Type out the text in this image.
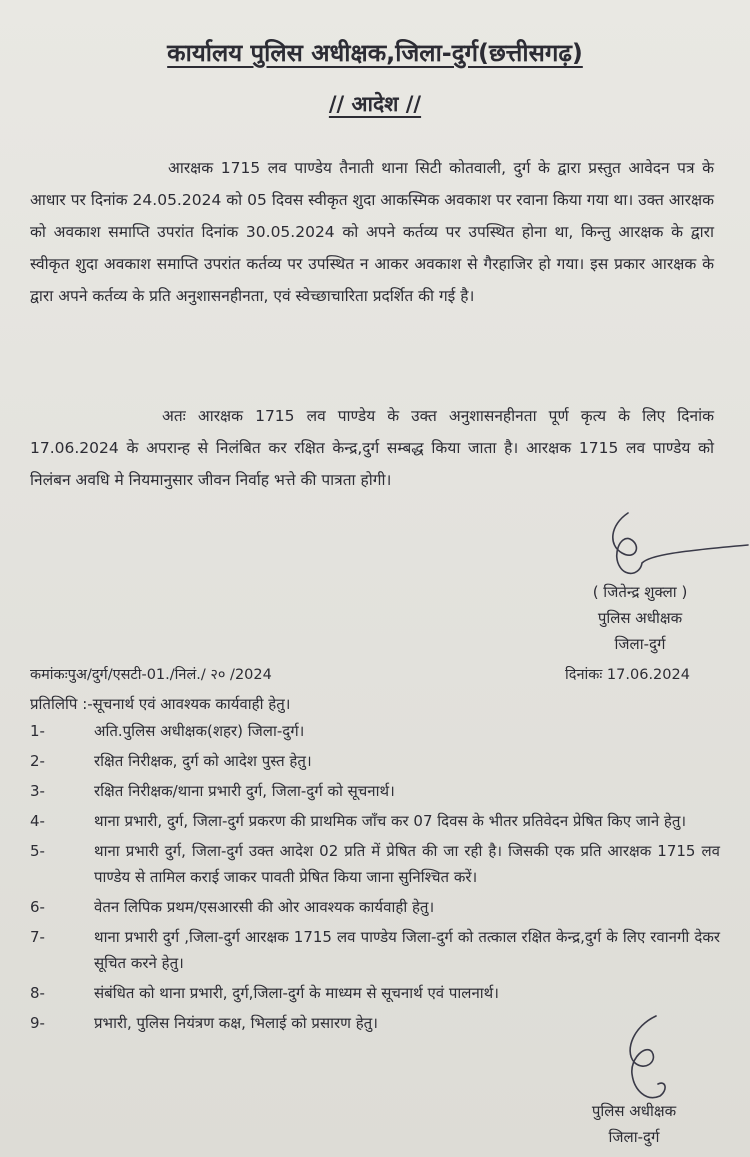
कार्यालय पुलिस अधीक्षक,जिला-दुर्ग(छत्तीसगढ़)
// आदेश //

आरक्षक 1715 लव पाण्डेय तैनाती थाना सिटी कोतवाली, दुर्ग के द्वारा प्रस्तुत आवेदन पत्र के आधार पर दिनांक 24.05.2024 को 05 दिवस स्वीकृत शुदा आकस्मिक अवकाश पर रवाना किया गया था। उक्त आरक्षक को अवकाश समाप्ति उपरांत दिनांक 30.05.2024 को अपने कर्तव्य पर उपस्थित होना था, किन्तु आरक्षक के द्वारा स्वीकृत शुदा अवकाश समाप्ति उपरांत कर्तव्य पर उपस्थित न आकर अवकाश से गैरहाजिर हो गया। इस प्रकार आरक्षक के द्वारा अपने कर्तव्य के प्रति अनुशासनहीनता, एवं स्वेच्छाचारिता प्रदर्शित की गई है।

अतः आरक्षक 1715 लव पाण्डेय के उक्त अनुशासनहीनता पूर्ण कृत्य के लिए दिनांक 17.06.2024 के अपरान्ह से निलंबित कर रक्षित केन्द्र,दुर्ग सम्बद्ध किया जाता है। आरक्षक 1715 लव पाण्डेय को निलंबन अवधि मे नियमानुसार जीवन निर्वाह भत्ते की पात्रता होगी।

( जितेन्द्र शुक्ला )
पुलिस अधीक्षक
जिला-दुर्ग
कमांकःपुअ/दुर्ग/एसटी-01./निलं./ २० /2024	दिनांकः 17.06.2024
प्रतिलिपि :-सूचनार्थ एवं आवश्यक कार्यवाही हेतु।
1-	अति.पुलिस अधीक्षक(शहर) जिला-दुर्ग।
2-	रक्षित निरीक्षक, दुर्ग को आदेश पुस्त हेतु।
3-	रक्षित निरीक्षक/थाना प्रभारी दुर्ग, जिला-दुर्ग को सूचनार्थ।
4-	थाना प्रभारी, दुर्ग, जिला-दुर्ग प्रकरण की प्राथमिक जाँच कर 07 दिवस के भीतर प्रतिवेदन प्रेषित किए जाने हेतु।
5-	थाना प्रभारी दुर्ग, जिला-दुर्ग उक्त आदेश 02 प्रति में प्रेषित की जा रही है। जिसकी एक प्रति आरक्षक 1715 लव पाण्डेय से तामिल कराई जाकर पावती प्रेषित किया जाना सुनिश्चित करें।
6-	वेतन लिपिक प्रथम/एसआरसी की ओर आवश्यक कार्यवाही हेतु।
7-	थाना प्रभारी दुर्ग ,जिला-दुर्ग आरक्षक 1715 लव पाण्डेय जिला-दुर्ग को तत्काल रक्षित केन्द्र,दुर्ग के लिए रवानगी देकर सूचित करने हेतु।
8-	संबंधित को थाना प्रभारी, दुर्ग,जिला-दुर्ग के माध्यम से सूचनार्थ एवं पालनार्थ।
9-	प्रभारी, पुलिस नियंत्रण कक्ष, भिलाई को प्रसारण हेतु।
पुलिस अधीक्षक
जिला-दुर्ग
